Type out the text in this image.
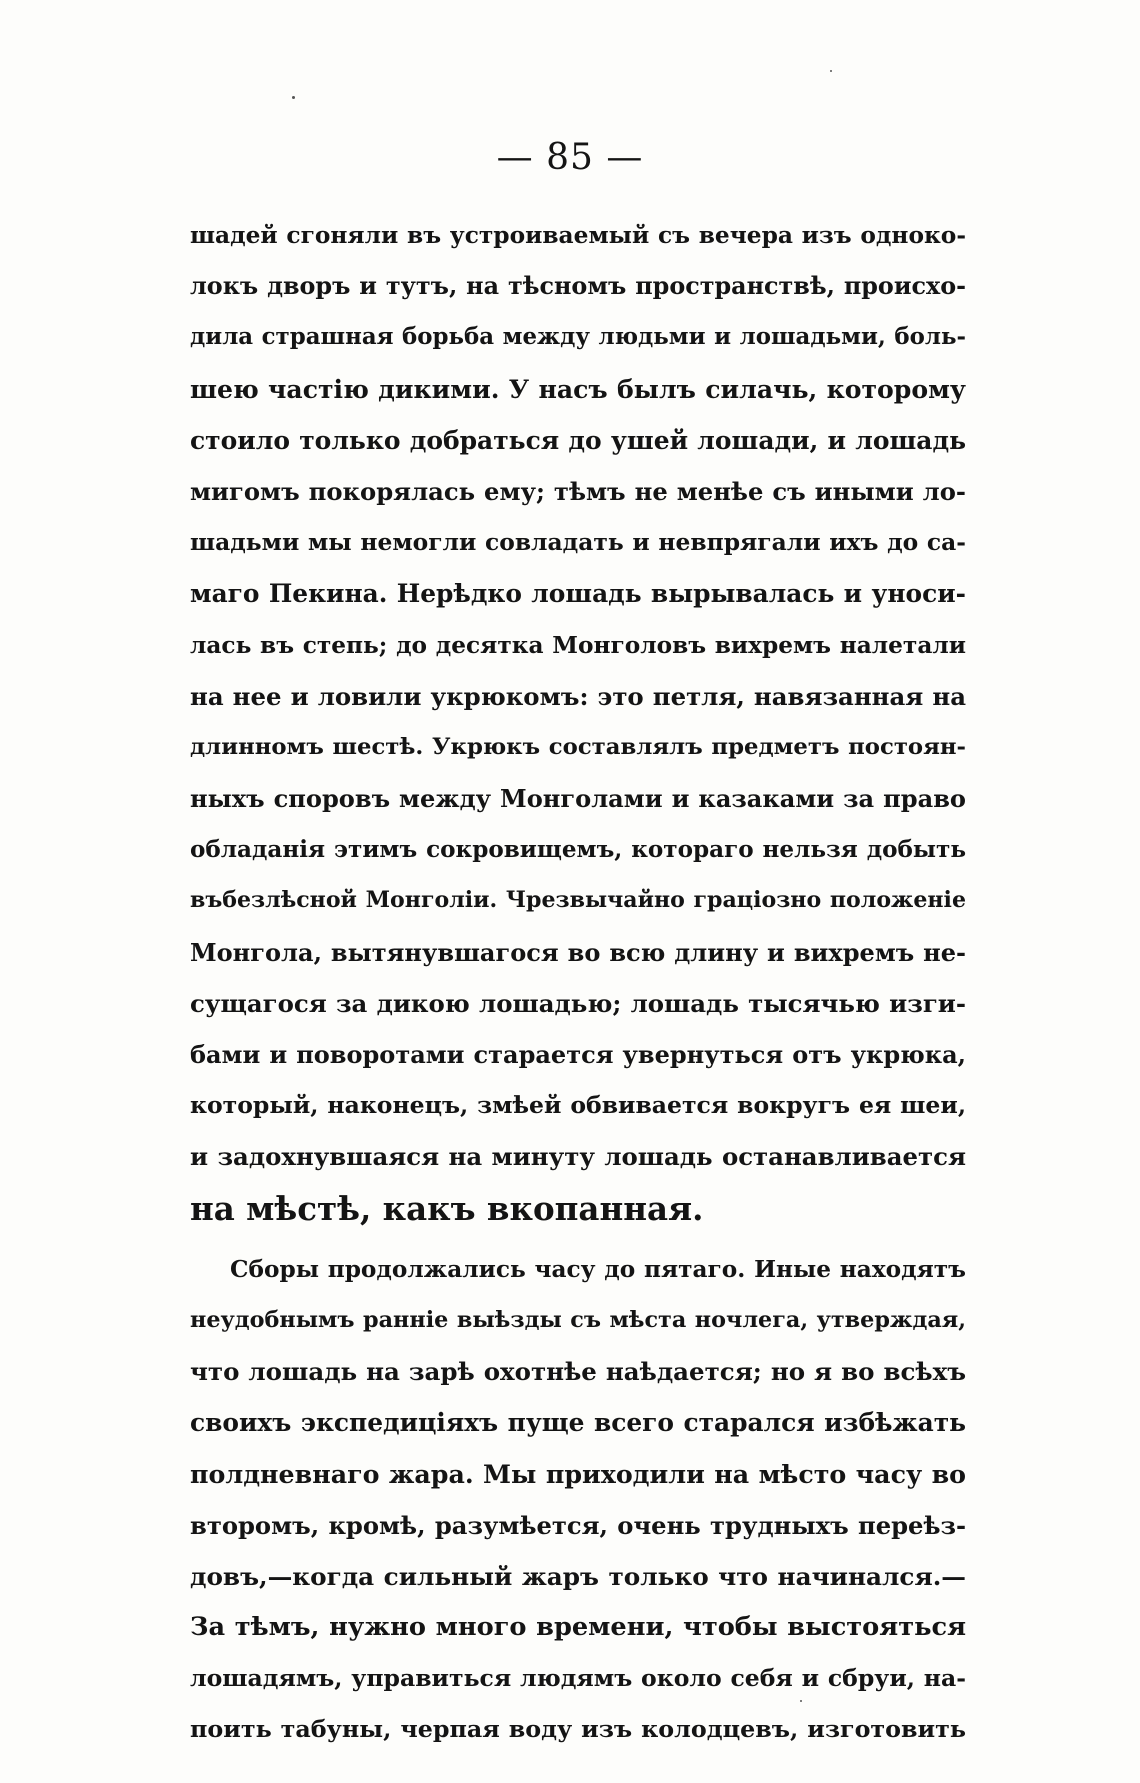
— 85 —
шадей сгоняли въ устроиваемый съ вечера изъ одноко-
локъ дворъ и тутъ, на тѣсномъ пространствѣ, происхо-
дила страшная борьба между людьми и лошадьми, боль-
шею частію дикими. У насъ былъ силачь, которому
стоило только добраться до ушей лошади, и лошадь
мигомъ покорялась ему; тѣмъ не менѣе съ иными ло-
шадьми мы немогли совладать и невпрягали ихъ до са-
маго Пекина. Нерѣдко лошадь вырывалась и уноси-
лась въ степь; до десятка Монголовъ вихремъ налетали
на нее и ловили укрюкомъ: это петля, навязанная на
длинномъ шестѣ. Укрюкъ составлялъ предметъ постоян-
ныхъ споровъ между Монголами и казаками за право
обладанія этимъ сокровищемъ, котораго нельзя добыть
въбезлѣсной Монголіи. Чрезвычайно граціозно положеніе
Монгола, вытянувшагося во всю длину и вихремъ не-
сущагося за дикою лошадью; лошадь тысячью изги-
бами и поворотами старается увернуться отъ укрюка,
который, наконецъ, змѣей обвивается вокругъ ея шеи,
и задохнувшаяся на минуту лошадь останавливается
на мѣстѣ, какъ вкопанная.
Сборы продолжались часу до пятаго. Иные находятъ
неудобнымъ ранніе выѣзды съ мѣста ночлега, утверждая,
что лошадь на зарѣ охотнѣе наѣдается; но я во всѣхъ
своихъ экспедиціяхъ пуще всего старался избѣжать
полдневнаго жара. Мы приходили на мѣсто часу во
второмъ, кромѣ, разумѣется, очень трудныхъ переѣз-
довъ,—когда сильный жаръ только что начинался.—
За тѣмъ, нужно много времени, чтобы выстояться
лошадямъ, управиться людямъ около себя и сбруи, на-
поить табуны, черпая воду изъ колодцевъ, изготовить
